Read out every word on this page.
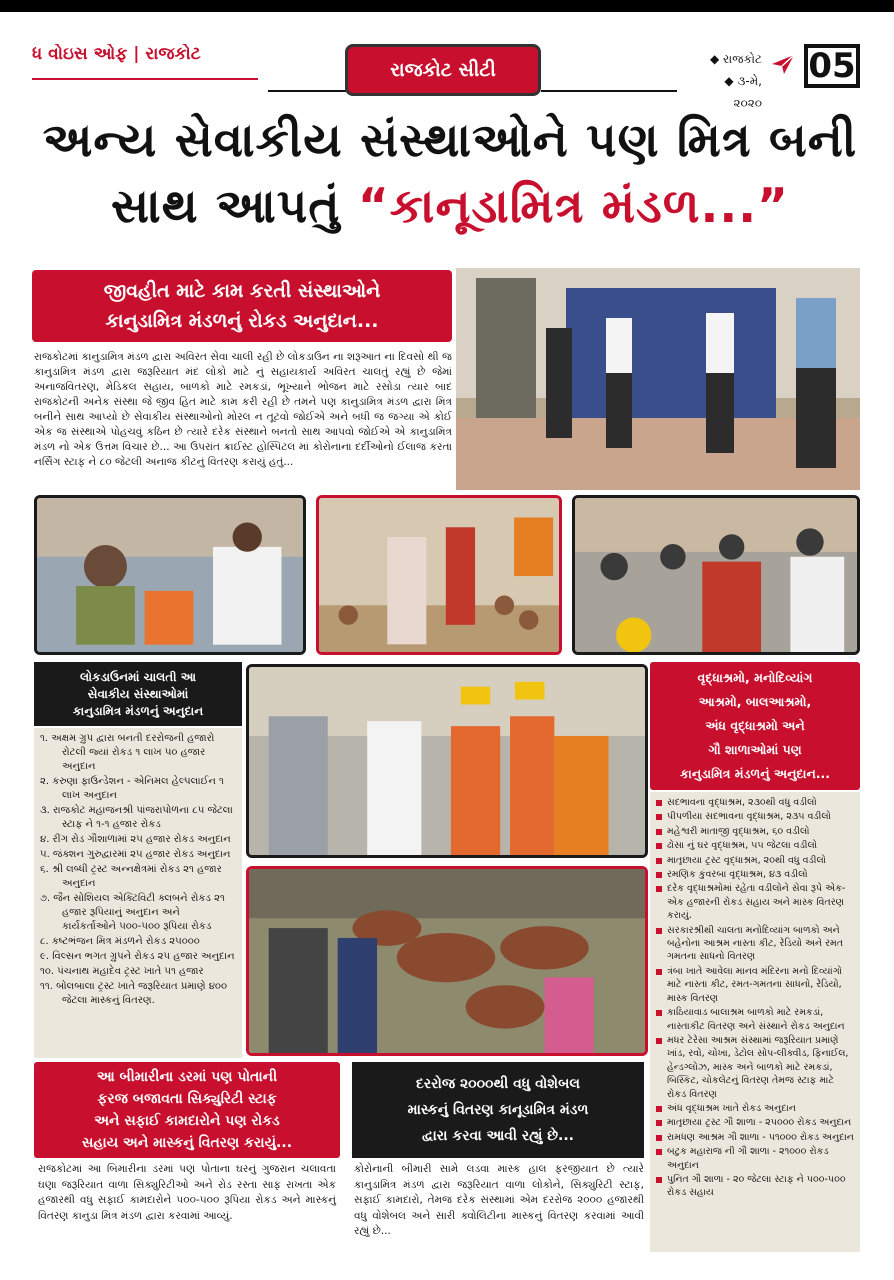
ધ વોઇસ ઓફ | રાજકોટ
રાજકોટ સીટી	◆ રાજકોટ
◆ ૩-મે, ૨૦૨૦
05
અન્ય સેવાકીય સંસ્થાઓને પણ મિત્ર બની
સાથ આપતું “કાનૂડામિત્ર મંડળ...”
જીવહીત માટે કામ કરતી સંસ્થાઓને
કાનુડામિત્ર મંડળનું રોકડ અનુદાન...
રાજકોટમાં કાનુડામિત્ર મંડળ દ્વારા અવિરત સેવા ચાલી રહી છે લોકડાઉન ના શરૂઆત ના દિવસો થી જ કાનુડામિત્ર મંડળ દ્વારા જરૂરિયાત મંદ લોકો માટે નું સહાયકાર્ય અવિરત ચાલતું રહ્યું છે જેમાં અનાજવિતરણ, મેડિકલ સહાય, બાળકો માટે રમકડાં, ભૂખ્યાને ભોજન માટે રસોડા ત્યાર બાદ રાજકોટની અનેક સંસ્થા જે જીવ હિત માટે કામ કરી રહી છે તમને પણ કાનુડામિત્ર મંડળ દ્વારા મિત્ર બનીને સાથ આપ્યો છે સેવાકીય સંસ્થાઓનો મોરલ ન તૂટવો જોઈએ અને બધી જ જગ્યા એ કોઈ એક જ સંસ્થાએ પોહચવું કઠિન છે ત્યારે દરેક સંસ્થાને બનતો સાથ આપવો જોઈએ એ કાનુડામિત્ર મંડળ નો એક ઉત્તમ વિચાર છે... આ ઉપરાંત ક્રાઈસ્ટ હોસ્પિટલ માં કોરોનાના દર્દીઓનો ઈલાજ કરતા નર્સિંગ સ્ટાફ ને ૮૦ જેટલી અનાજ કીટનું વિતરણ કરાયું હતું...
લોકડાઉનમાં ચાલતી આ
સેવાકીય સંસ્થાઓમાં
કાનુડામિત્ર મંડળનું અનુદાન
૧. અક્ષમ ગ્રુપ દ્વારા બનતી દરરોજની હજારો રોટલી જ્યાં રોકડ ૧ લાખ ૫૦ હજાર અનુદાન
૨. કરુણા ફાઉન્ડેશન - એનિમલ હેલ્પલાઈન ૧ લાખ અનુદાન
૩. રાજકોટ મહાજનશ્રી પાંજરાપોળના ૮૫ જેટલા સ્ટાફ ને ૧-૧ હજાર રોકડ
૪. રીંગ રોડ ગૌશાળામાં ૨૫ હજાર રોકડ અનુદાન
૫. જંક્શન ગુરુદ્વારમાં ૨૫ હજાર રોકડ અનુદાન
૬. શ્રી લબ્ધી ટ્રસ્ટ અન્નક્ષેત્રમાં રોકડ ૨૧ હજાર અનુદાન
૭. જૈન સોશિયલ એક્ટિવિટી ક્લબને રોકડ ૨૧ હજાર રૂપિયાનું અનુદાન અને કાર્યકર્તાઓને ૫૦૦-૫૦૦ રૂપિયા રોકડ
૮. કષ્ટભંજન મિત્ર મંડળને રોકડ ૨૫૦૦૦
૯. વિલ્સન ભગત ગ્રુપને રોકડ ૨૫ હજાર અનુદાન
૧૦. પંચનાથ મહાદેવ ટ્રસ્ટ ખાતે ૫૧ હજાર
૧૧. બોલબાલા ટ્રસ્ટ ખાતે જરૂરિયાત પ્રમાણે ૪૦૦ જેટલા માસ્કનું વિતરણ.
વૃદ્ધાશ્રમો, મનોદિવ્યાંગ
આશ્રમો, બાલઆશ્રમો,
અંધ વૃદ્ધાશ્રમો અને
ગૌ શાળાઓમાં પણ
કાનુડામિત્ર મંડળનું અનુદાન...
સદભાવના વૃદ્ધાશ્રમ, ૨૩૦થી વધુ વડીલો
પીપળીયા સદભાવના વૃદ્ધાશ્રમ, ૨૩૫ વડીલો
મહેશ્વરી માતાજી વૃદ્ધાશ્રમ, ૬૦ વડીલો
ઢોસા નું ઘર વૃદ્ધાશ્રમ, ૫૫ જેટલા વડીલો
માતૃછાયા ટ્રસ્ટ વૃદ્ધાશ્રમ, ૨૦થી વધુ વડીલો
રમણિક કુંવરબા વૃદ્ધાશ્રમ, ૪૩ વડીલો
દરેક વૃદ્ધાશ્રમોમાં રહેતા વડીલોને સેવા રૂપે એક-એક હજારની રોકડ સહાય અને માસ્ક વિતરણ કરાયું.
સરકારશ્રીથી ચાલતા મનોદિવ્યાંગ બાળકો અને બહેનોના આશ્રમ નાસ્તા કીટ, રેડિયો અને રમત ગમતના સાધનો વિતરણ
ત્રંબા ખાતે આવેલા માનવ મંદિરના મનો દિવ્યાંગો માટે નાસ્તા કીટ, રમત-ગમતના સાધનો, રેડિયો, માસ્ક વિતરણ
કાઠિયાવાડ બાલાશ્રમ બાળકો માટે રમકડાં, નાસ્તાકીટ વિતરણ અને સંસ્થાને રોકડ અનુદાન
મધર ટેરેસા આશ્રમ સંસ્થામાં જરૂરિયાત પ્રમાણે ખાંડ, રવો, ચોખા, ડેટોલ સોપ-લીક્વીડ, ફિનાઈલ, હેન્ડગ્લોઝ, માસ્ક અને બાળકો માટે રમકડાં, બિસ્કિટ, ચોકલેટનું વિતરણ તેમજ સ્ટાફ માટે રોકડ વિતરણ
અંધ વૃદ્ધાશ્રમ ખાતે રોકડ અનુદાન
માતૃછાયા ટ્રસ્ટ ગૌ શાળા - ૨૫૦૦૦ રોકડ અનુદાન
રામધણ આશ્રમ ગૌ શાળા - ૫૧૦૦૦ રોકડ અનુદાન
બટુક મહારાજ ની ગૌ શાળા - ૨૧૦૦૦ રોકડ અનુદાન
પુનિત ગૌ શાળા - ૨૦ જેટલા સ્ટાફ ને ૫૦૦-૫૦૦ રોકડ સહાય
આ બીમારીના ડરમાં પણ પોતાની
ફરજ બજાવતા સિક્યુરિટી સ્ટાફ
અને સફાઈ કામદારોને પણ રોકડ
સહાય અને માસ્કનું વિતરણ કરાયું...
રાજકોટમાં આ બિમારીના ડરમાં પણ પોતાના ઘરનું ગુજરાન ચલાવતા ઘણા જરૂરિયાત વાળા સિક્યુરિટીઓ અને રોડ રસ્તા સાફ રાખતા એક હજારથી વધુ સફાઈ કામદારોને ૫૦૦-૫૦૦ રૂપિયા રોકડ અને માસ્કનું વિતરણ કાનુડા મિત્ર મંડળ દ્વારા કરવામાં આવ્યું.
દરરોજ ૨૦૦૦થી વધુ વોશેબલ
માસ્કનું વિતરણ કાનૂડામિત્ર મંડળ
દ્વારા કરવા આવી રહ્યું છે...
કોરોનાની બીમારી સામે લડવા માસ્ક હાલ ફરજીયાત છે ત્યારે કાનુડામિત્ર મંડળ દ્વારા જરૂરિયાત વાળા લોકોને, સિક્યુરિટી સ્ટાફ, સફાઈ કામદારો, તેમજ દરેક સંસ્થામાં એમ દરરોજ ૨૦૦૦ હજારથી વધુ વોશેબલ અને સારી ક્વોલિટીના માસ્કનું વિતરણ કરવામાં આવી રહ્યું છે...
